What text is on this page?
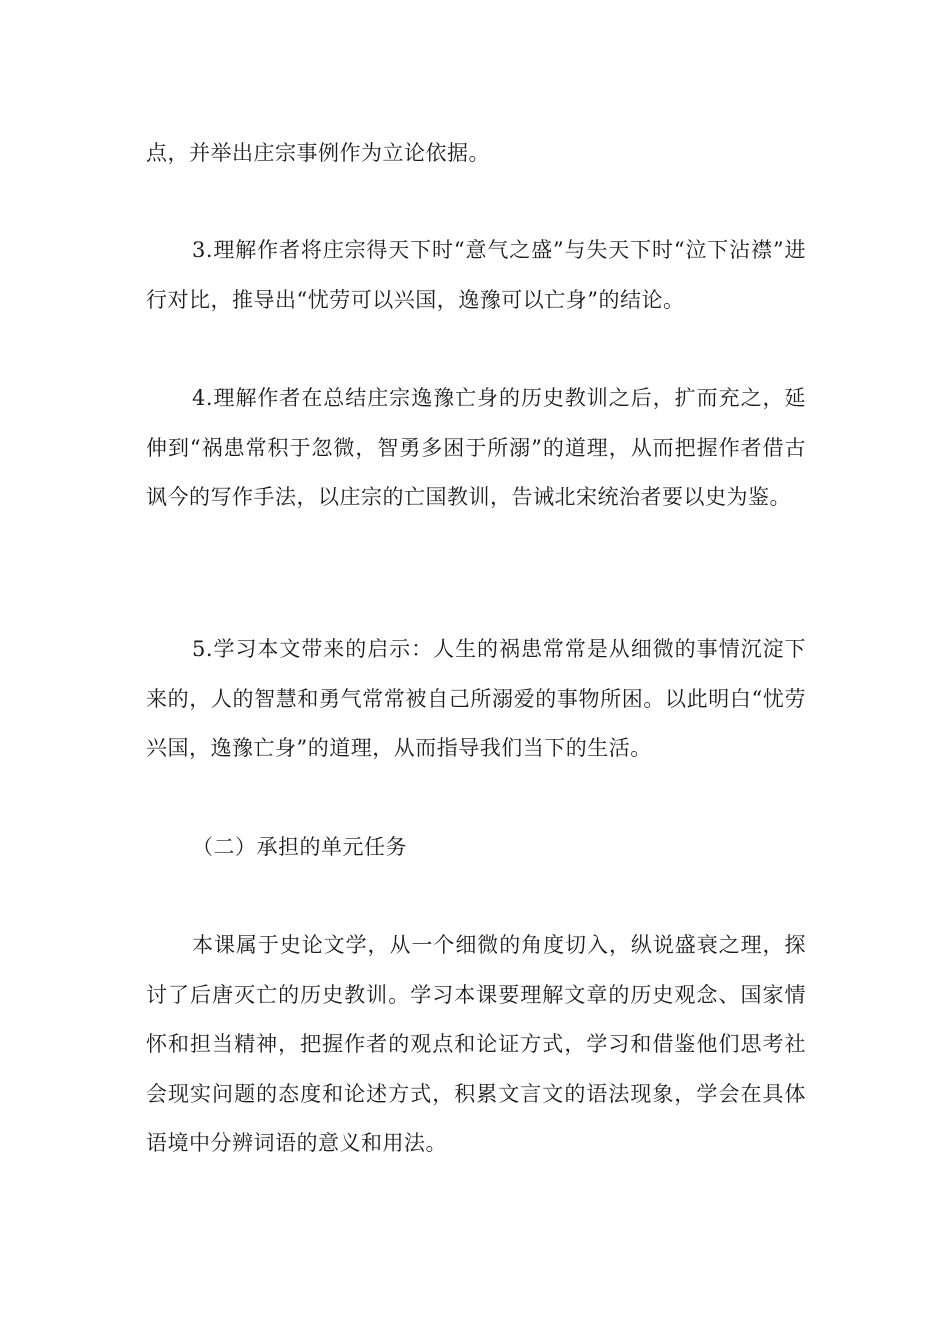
点，并举出庄宗事例作为立论依据。

3.理解作者将庄宗得天下时“意气之盛”与失天下时“泣下沾襟”进行对比，推导出“忧劳可以兴国，逸豫可以亡身”的结论。

4.理解作者在总结庄宗逸豫亡身的历史教训之后，扩而充之，延伸到“祸患常积于忽微，智勇多困于所溺”的道理，从而把握作者借古讽今的写作手法，以庄宗的亡国教训，告诫北宋统治者要以史为鉴。

5.学习本文带来的启示：人生的祸患常常是从细微的事情沉淀下来的，人的智慧和勇气常常被自己所溺爱的事物所困。以此明白“忧劳兴国，逸豫亡身”的道理，从而指导我们当下的生活。

（二）承担的单元任务

本课属于史论文学，从一个细微的角度切入，纵说盛衰之理，探讨了后唐灭亡的历史教训。学习本课要理解文章的历史观念、国家情怀和担当精神，把握作者的观点和论证方式，学习和借鉴他们思考社会现实问题的态度和论述方式，积累文言文的语法现象，学会在具体语境中分辨词语的意义和用法。
